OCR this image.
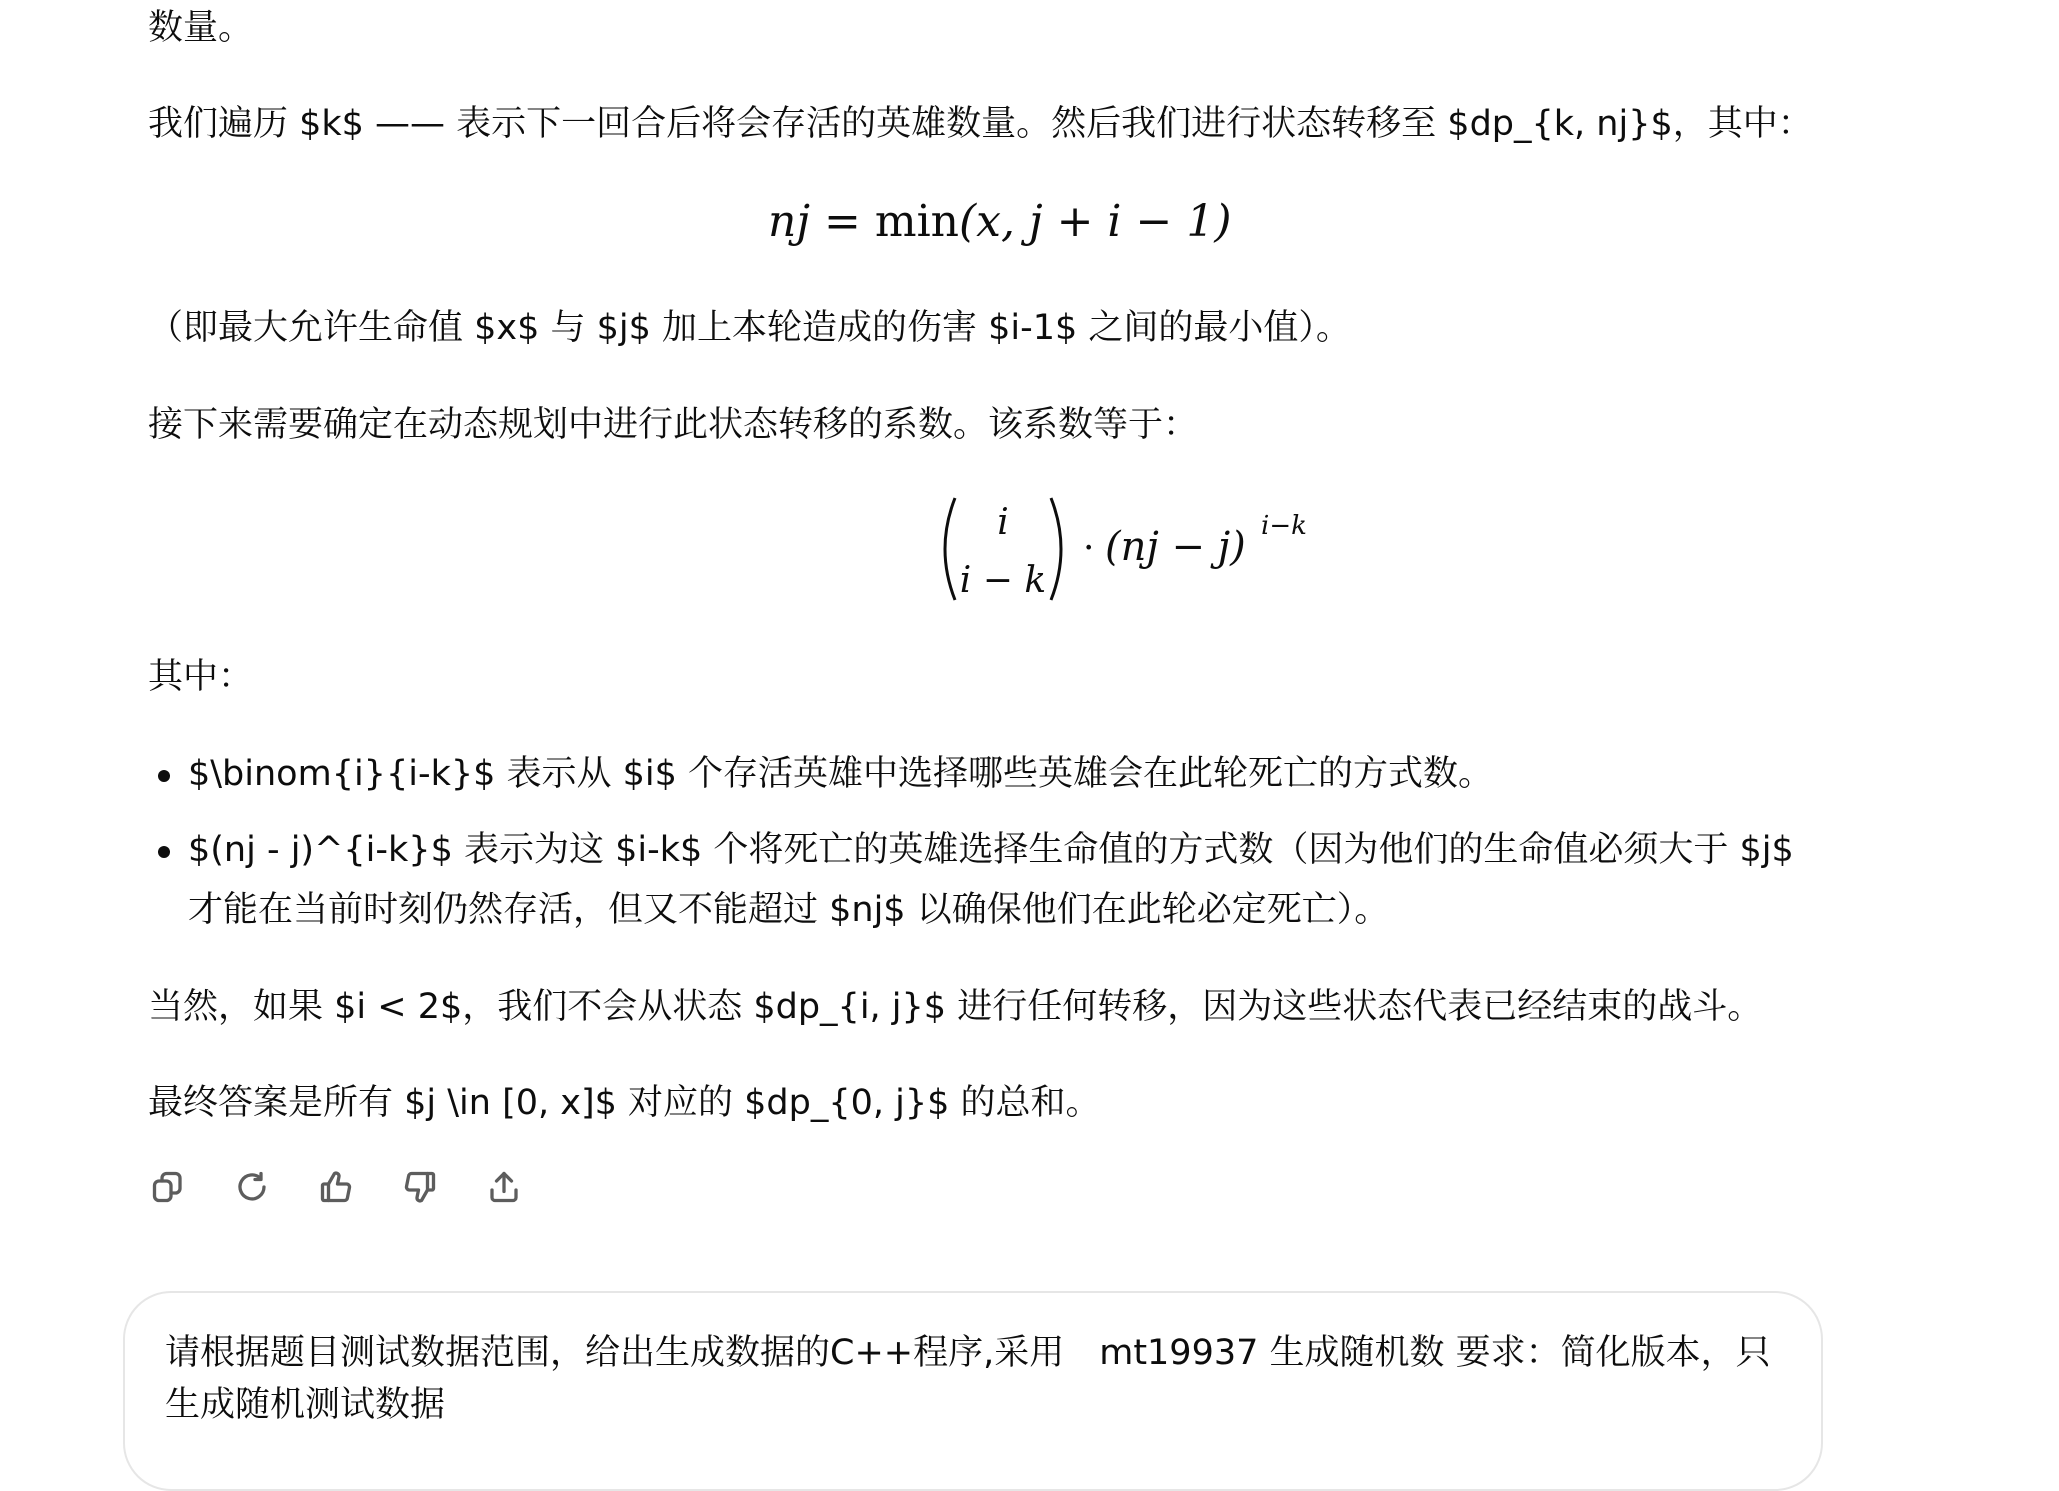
数量。
我们遍历 $k$ —— 表示下一回合后将会存活的英雄数量。然后我们进行状态转移至 $dp_{k, nj}$，其中：
nj = min(x, j + i − 1)
（即最大允许生命值 $x$ 与 $j$ 加上本轮造成的伤害 $i-1$ 之间的最小值）。
接下来需要确定在动态规划中进行此状态转移的系数。该系数等于：
i
i − k
· (nj − j) i−k
其中：
$\binom{i}{i-k}$ 表示从 $i$ 个存活英雄中选择哪些英雄会在此轮死亡的方式数。
$(nj - j)^{i-k}$ 表示为这 $i-k$ 个将死亡的英雄选择生命值的方式数（因为他们的生命值必须大于 $j$
才能在当前时刻仍然存活，但又不能超过 $nj$ 以确保他们在此轮必定死亡）。
当然，如果 $i < 2$，我们不会从状态 $dp_{i, j}$ 进行任何转移，因为这些状态代表已经结束的战斗。
最终答案是所有 $j \in [0, x]$ 对应的 $dp_{0, j}$ 的总和。
请根据题目测试数据范围，给出生成数据的C++程序,采用　mt19937 生成随机数 要求：简化版本，只生成随机测试数据
